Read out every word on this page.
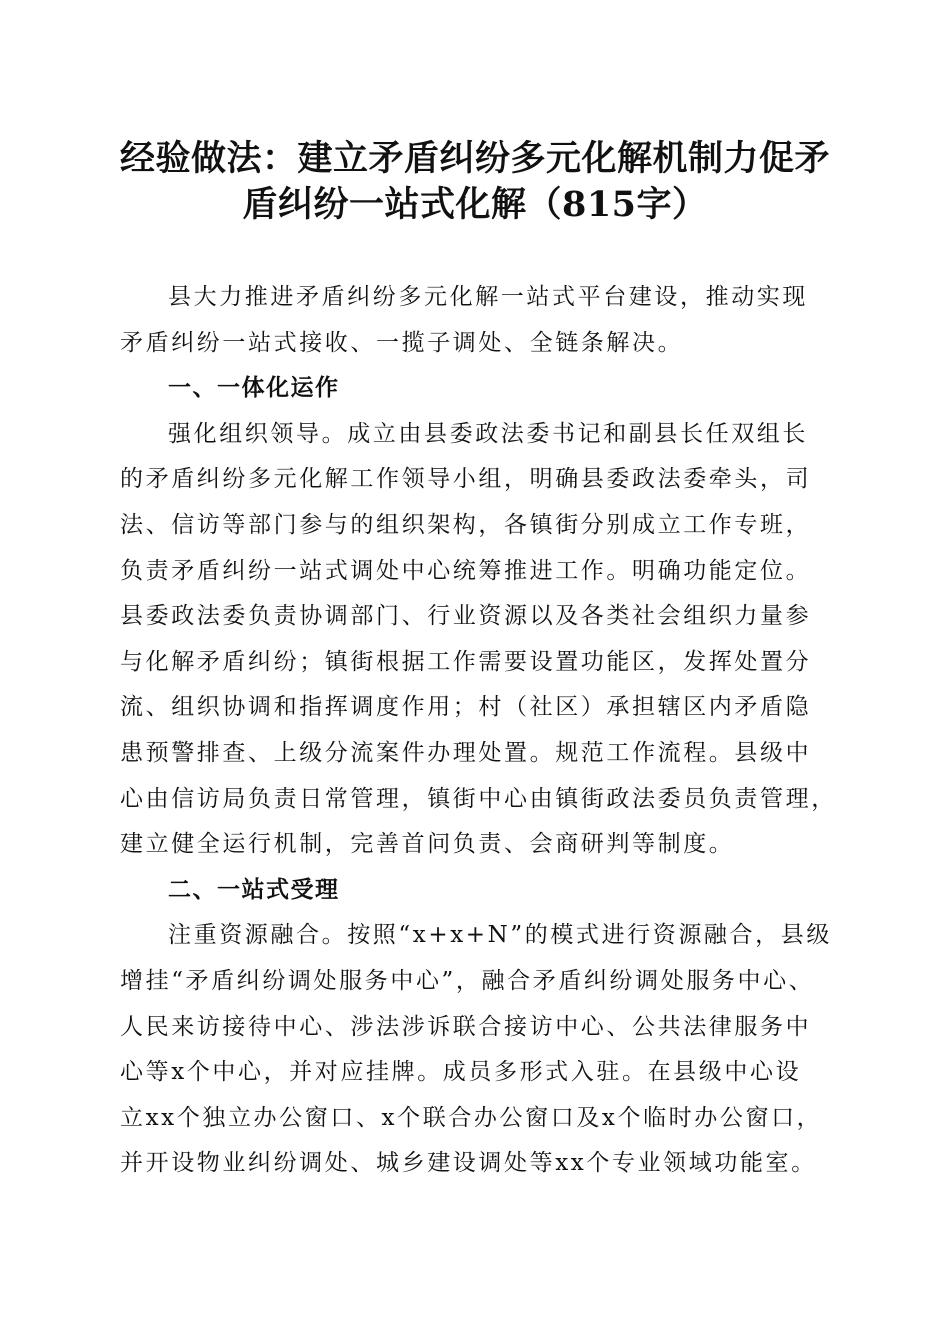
经验做法：建立矛盾纠纷多元化解机制力促矛
盾纠纷一站式化解（815字）

县大力推进矛盾纠纷多元化解一站式平台建设，推动实现
矛盾纠纷一站式接收、一揽子调处、全链条解决。

一、一体化运作

强化组织领导。成立由县委政法委书记和副县长任双组长
的矛盾纠纷多元化解工作领导小组，明确县委政法委牵头，司
法、信访等部门参与的组织架构，各镇街分别成立工作专班，
负责矛盾纠纷一站式调处中心统筹推进工作。明确功能定位。
县委政法委负责协调部门、行业资源以及各类社会组织力量参
与化解矛盾纠纷；镇街根据工作需要设置功能区，发挥处置分
流、组织协调和指挥调度作用；村（社区）承担辖区内矛盾隐
患预警排查、上级分流案件办理处置。规范工作流程。县级中
心由信访局负责日常管理，镇街中心由镇街政法委员负责管理，
建立健全运行机制，完善首问负责、会商研判等制度。

二、一站式受理

注重资源融合。按照“x+x+N”的模式进行资源融合，县级
增挂“矛盾纠纷调处服务中心”，融合矛盾纠纷调处服务中心、
人民来访接待中心、涉法涉诉联合接访中心、公共法律服务中
心等x个中心，并对应挂牌。成员多形式入驻。在县级中心设
立xx个独立办公窗口、x个联合办公窗口及x个临时办公窗口，
并开设物业纠纷调处、城乡建设调处等xx个专业领域功能室。
